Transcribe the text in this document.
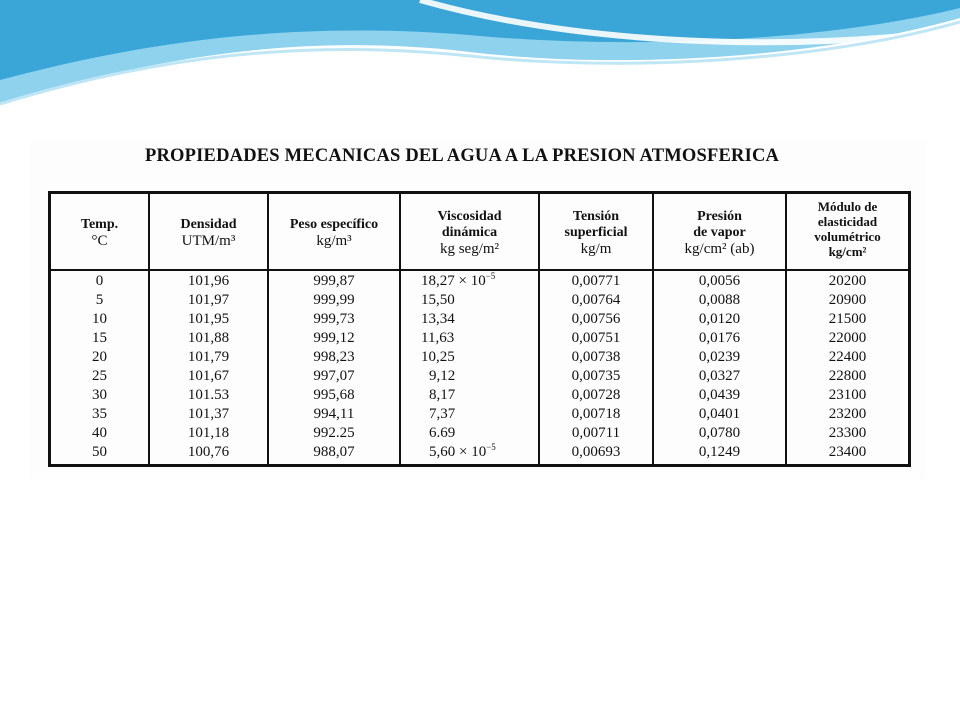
PROPIEDADES MECANICAS DEL AGUA A LA PRESION ATMOSFERICA
Temp.
°C
0
5
10
15
20
25
30
35
40
50
Densidad
UTM/m³
101,96
101,97
101,95
101,88
101,79
101,67
101.53
101,37
101,18
100,76
Peso específico
kg/m³
999,87
999,99
999,73
999,12
998,23
997,07
995,68
994,11
992.25
988,07
Viscosidad
dinámica
kg seg/m²
$18,27 \times 10^{-5}$
15,50
13,34
11,63
10,25
9,12
8,17
7,37
6.69
$5,60 \times 10^{-5}$
Tensión
superficial
kg/m
0,00771
0,00764
0,00756
0,00751
0,00738
0,00735
0,00728
0,00718
0,00711
0,00693
Presión
de vapor
kg/cm² (ab)
0,0056
0,0088
0,0120
0,0176
0,0239
0,0327
0,0439
0,0401
0,0780
0,1249
Módulo de
elasticidad
volumétrico
kg/cm²
20200
20900
21500
22000
22400
22800
23100
23200
23300
23400
